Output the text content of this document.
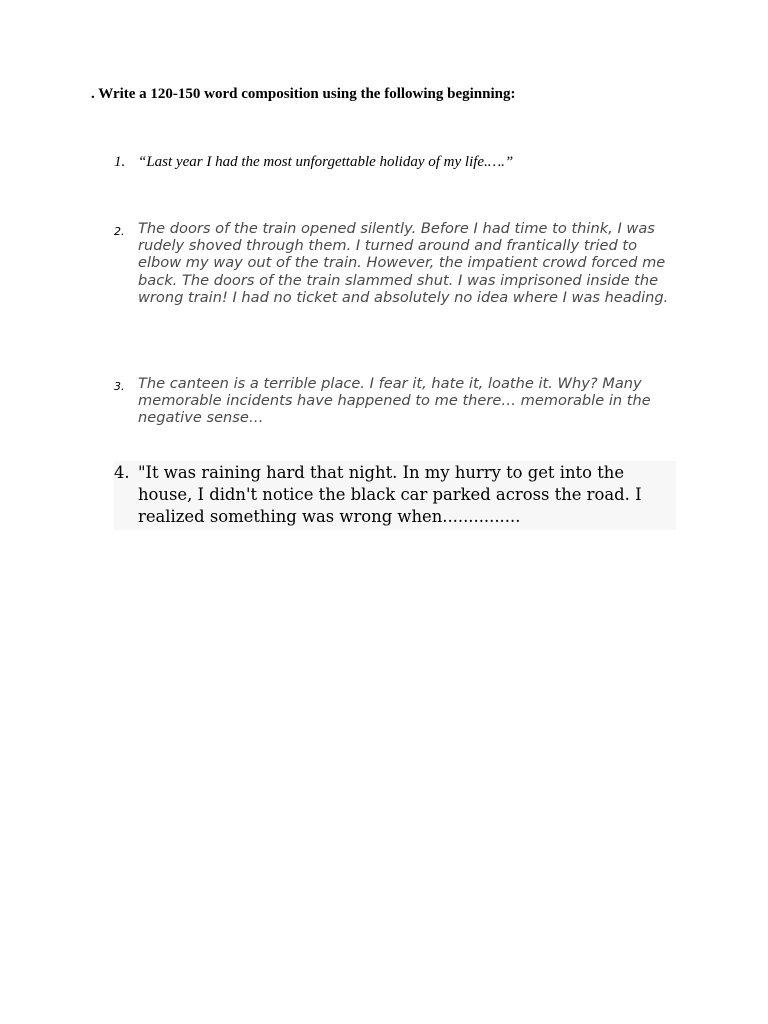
. Write a 120-150 word composition using the following beginning:
1. “Last year I had the most unforgettable holiday of my life.….”
2. The doors of the train opened silently. Before I had time to think, I was rudely shoved through them. I turned around and frantically tried to elbow my way out of the train. However, the impatient crowd forced me back. The doors of the train slammed shut. I was imprisoned inside the wrong train! I had no ticket and absolutely no idea where I was heading.
3. The canteen is a terrible place. I fear it, hate it, loathe it. Why? Many memorable incidents have happened to me there… memorable in the negative sense…
4. "It was raining hard that night. In my hurry to get into the house, I didn't notice the black car parked across the road. I realized something was wrong when...............
